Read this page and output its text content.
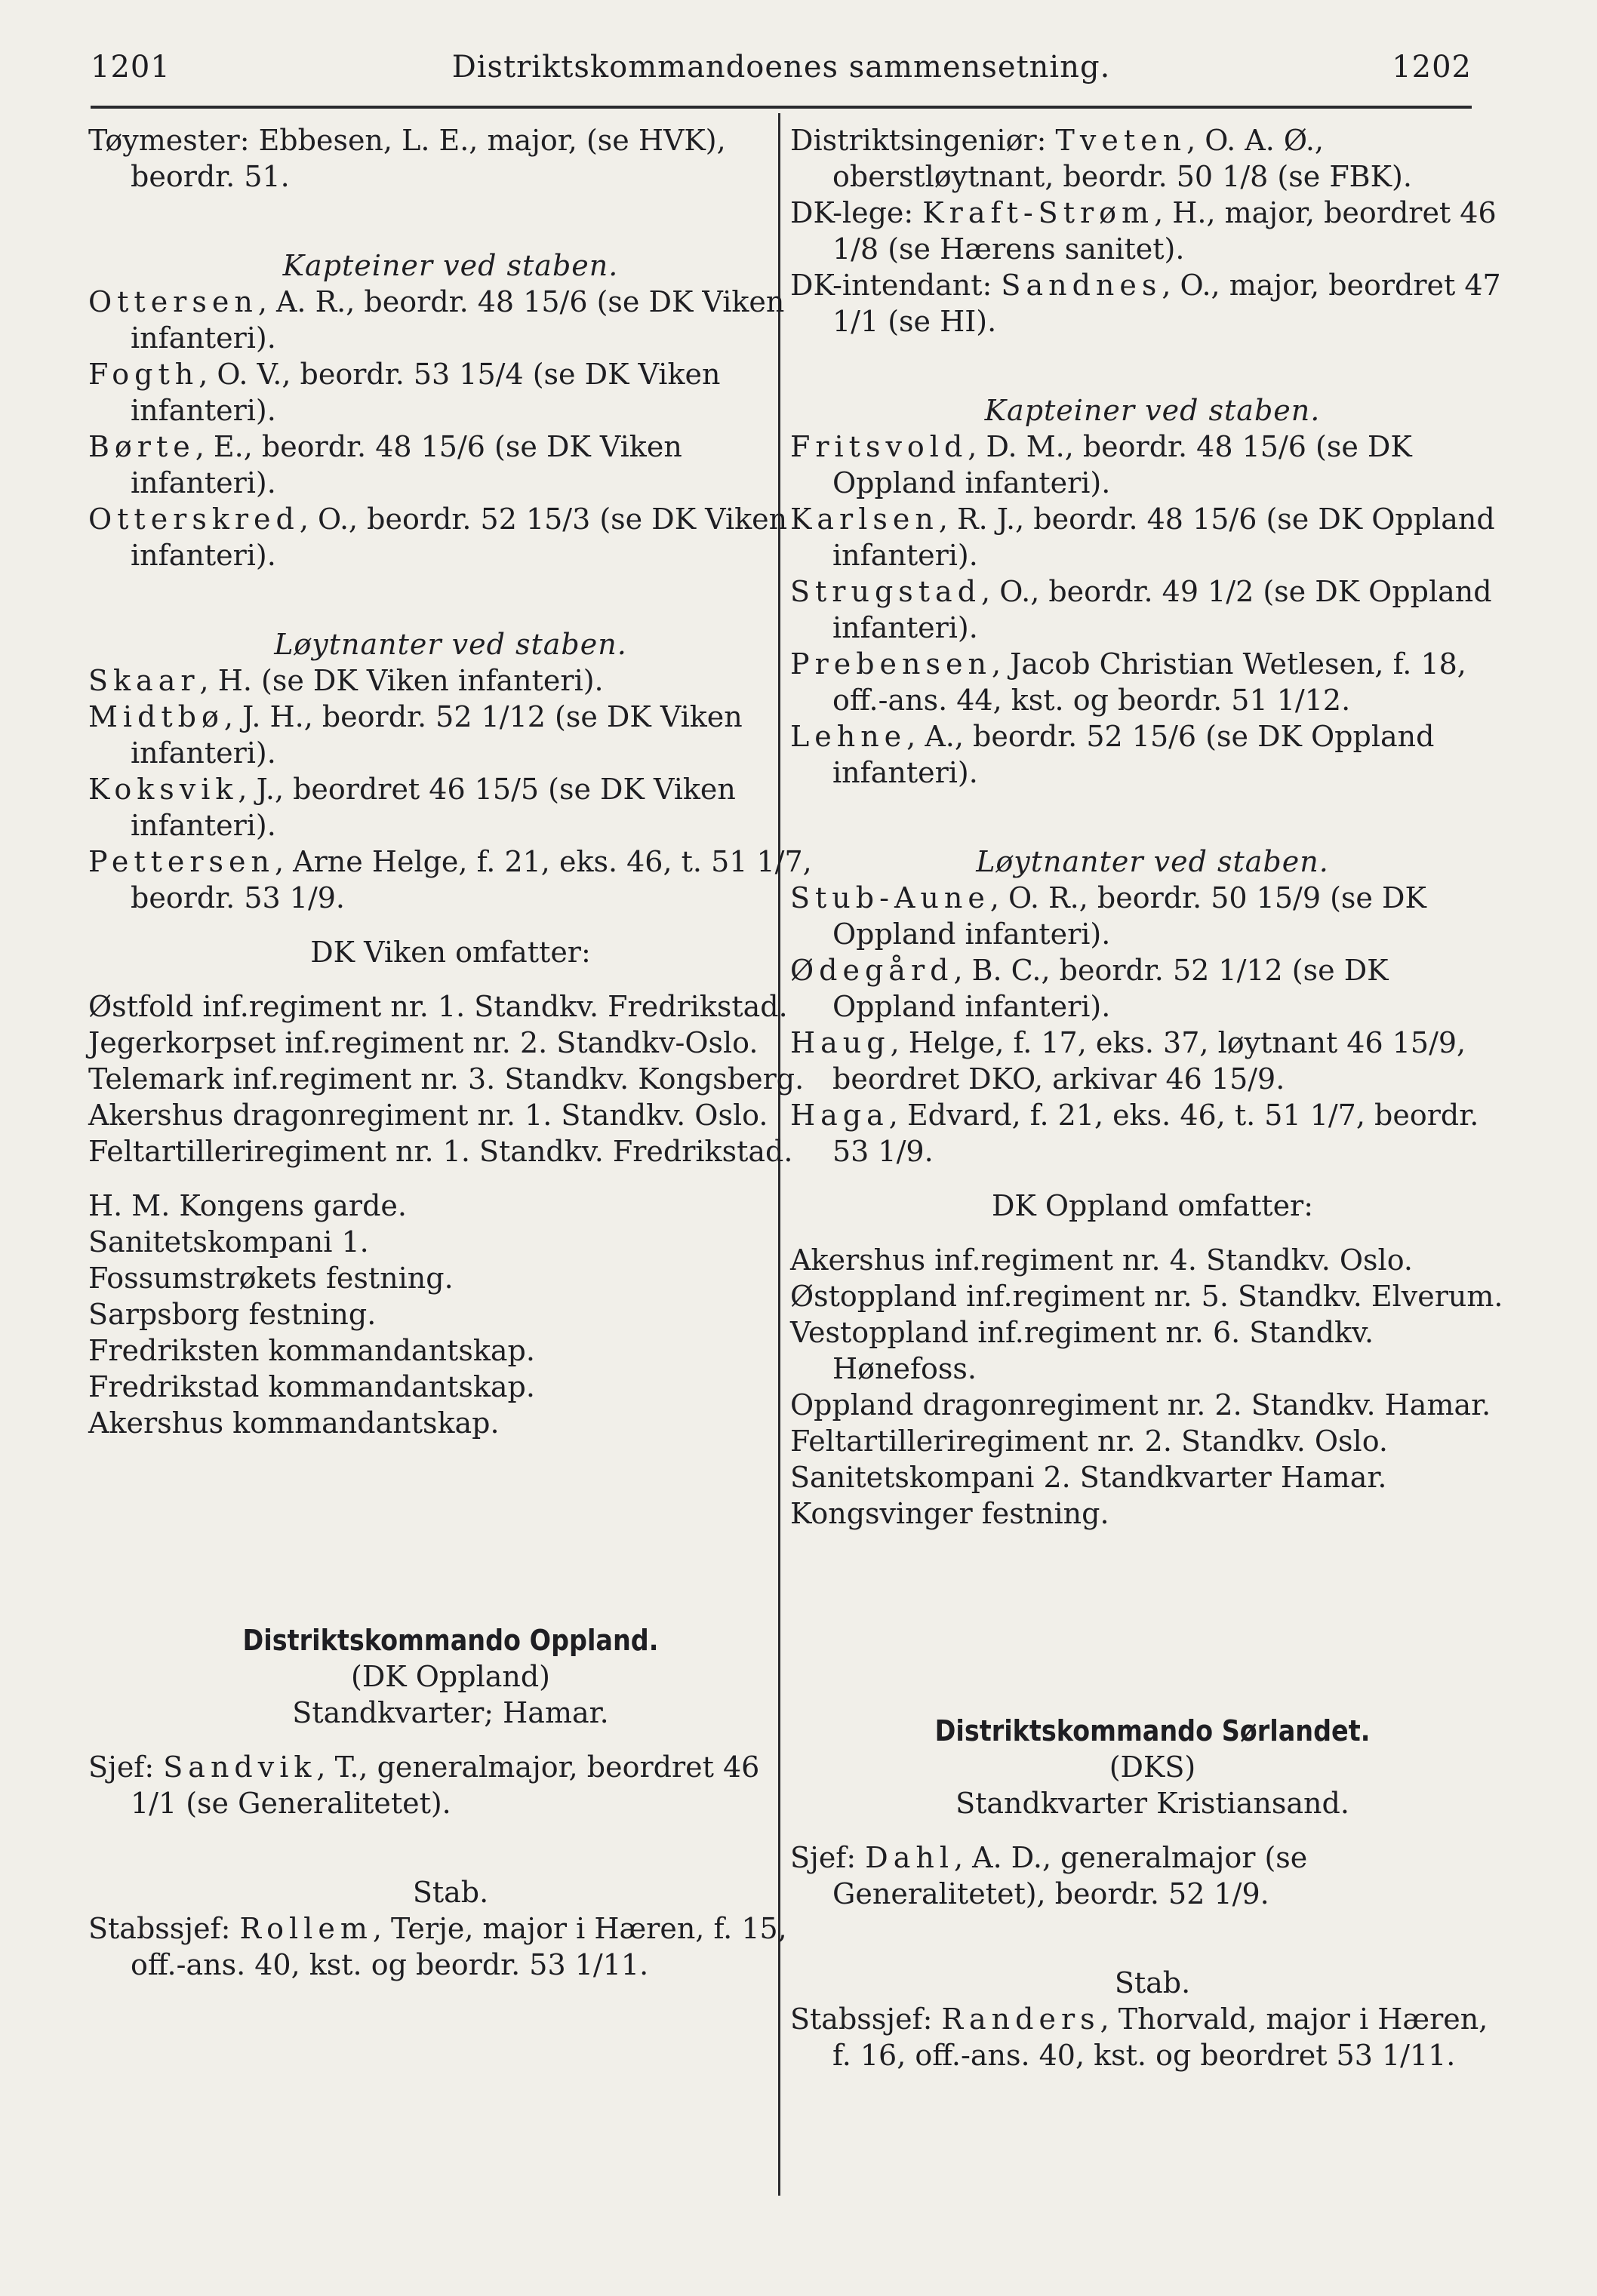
1201	Distriktskommandoenes sammensetning.	1202

Tøymester: Ebbesen, L. E., major, (se HVK), beordr. 51.

Kapteiner ved staben.

Ottersen, A. R., beordr. 48 15/6 (se DK Viken infanteri).

Fogth, O. V., beordr. 53 15/4 (se DK Viken infanteri).

Børte, E., beordr. 48 15/6 (se DK Viken infanteri).

Otterskred, O., beordr. 52 15/3 (se DK Viken infanteri).

Løytnanter ved staben.

Skaar, H. (se DK Viken infanteri).

Midtbø, J. H., beordr. 52 1/12 (se DK Viken infanteri).

Koksvik, J., beordret 46 15/5 (se DK Viken infanteri).

Pettersen, Arne Helge, f. 21, eks. 46, t. 51 1/7, beordr. 53 1/9.

DK Viken omfatter:

Østfold inf.regiment nr. 1. Standkv. Fredrikstad.

Jegerkorpset inf.regiment nr. 2. Standkv-Oslo.

Telemark inf.regiment nr. 3. Standkv. Kongsberg.

Akershus dragonregiment nr. 1. Standkv. Oslo.

Feltartilleriregiment nr. 1. Standkv. Fredrikstad.

H. M. Kongens garde.

Sanitetskompani 1.

Fossumstrøkets festning.

Sarpsborg festning.

Fredriksten kommandantskap.

Fredrikstad kommandantskap.

Akershus kommandantskap.

Distriktskommando Oppland.

(DK Oppland)

Standkvarter; Hamar.

Sjef: Sandvik, T., generalmajor, beordret 46 1/1 (se Generalitetet).

Stab.

Stabssjef: Rollem, Terje, major i Hæren, f. 15, off.-ans. 40, kst. og beordr. 53 1/11.

Distriktsingeniør: Tveten, O. A. Ø., oberstløytnant, beordr. 50 1/8 (se FBK).

DK-lege: Kraft-Strøm, H., major, beordret 46 1/8 (se Hærens sanitet).

DK-intendant: Sandnes, O., major, beordret 47 1/1 (se HI).

Kapteiner ved staben.

Fritsvold, D. M., beordr. 48 15/6 (se DK Oppland infanteri).

Karlsen, R. J., beordr. 48 15/6 (se DK Oppland infanteri).

Strugstad, O., beordr. 49 1/2 (se DK Oppland infanteri).

Prebensen, Jacob Christian Wetlesen, f. 18, off.-ans. 44, kst. og beordr. 51 1/12.

Lehne, A., beordr. 52 15/6 (se DK Oppland infanteri).

Løytnanter ved staben.

Stub-Aune, O. R., beordr. 50 15/9 (se DK Oppland infanteri).

Ødegård, B. C., beordr. 52 1/12 (se DK Oppland infanteri).

Haug, Helge, f. 17, eks. 37, løytnant 46 15/9, beordret DKO, arkivar 46 15/9.

Haga, Edvard, f. 21, eks. 46, t. 51 1/7, beordr. 53 1/9.

DK Oppland omfatter:

Akershus inf.regiment nr. 4. Standkv. Oslo.

Østoppland inf.regiment nr. 5. Standkv. Elverum.

Vestoppland inf.regiment nr. 6. Standkv. Hønefoss.

Oppland dragonregiment nr. 2. Standkv. Hamar.

Feltartilleriregiment nr. 2. Standkv. Oslo.

Sanitetskompani 2. Standkvarter Hamar.

Kongsvinger festning.

Distriktskommando Sørlandet.

(DKS)

Standkvarter Kristiansand.

Sjef: Dahl, A. D., generalmajor (se Generalitetet), beordr. 52 1/9.

Stab.

Stabssjef: Randers, Thorvald, major i Hæren, f. 16, off.-ans. 40, kst. og beordret 53 1/11.
